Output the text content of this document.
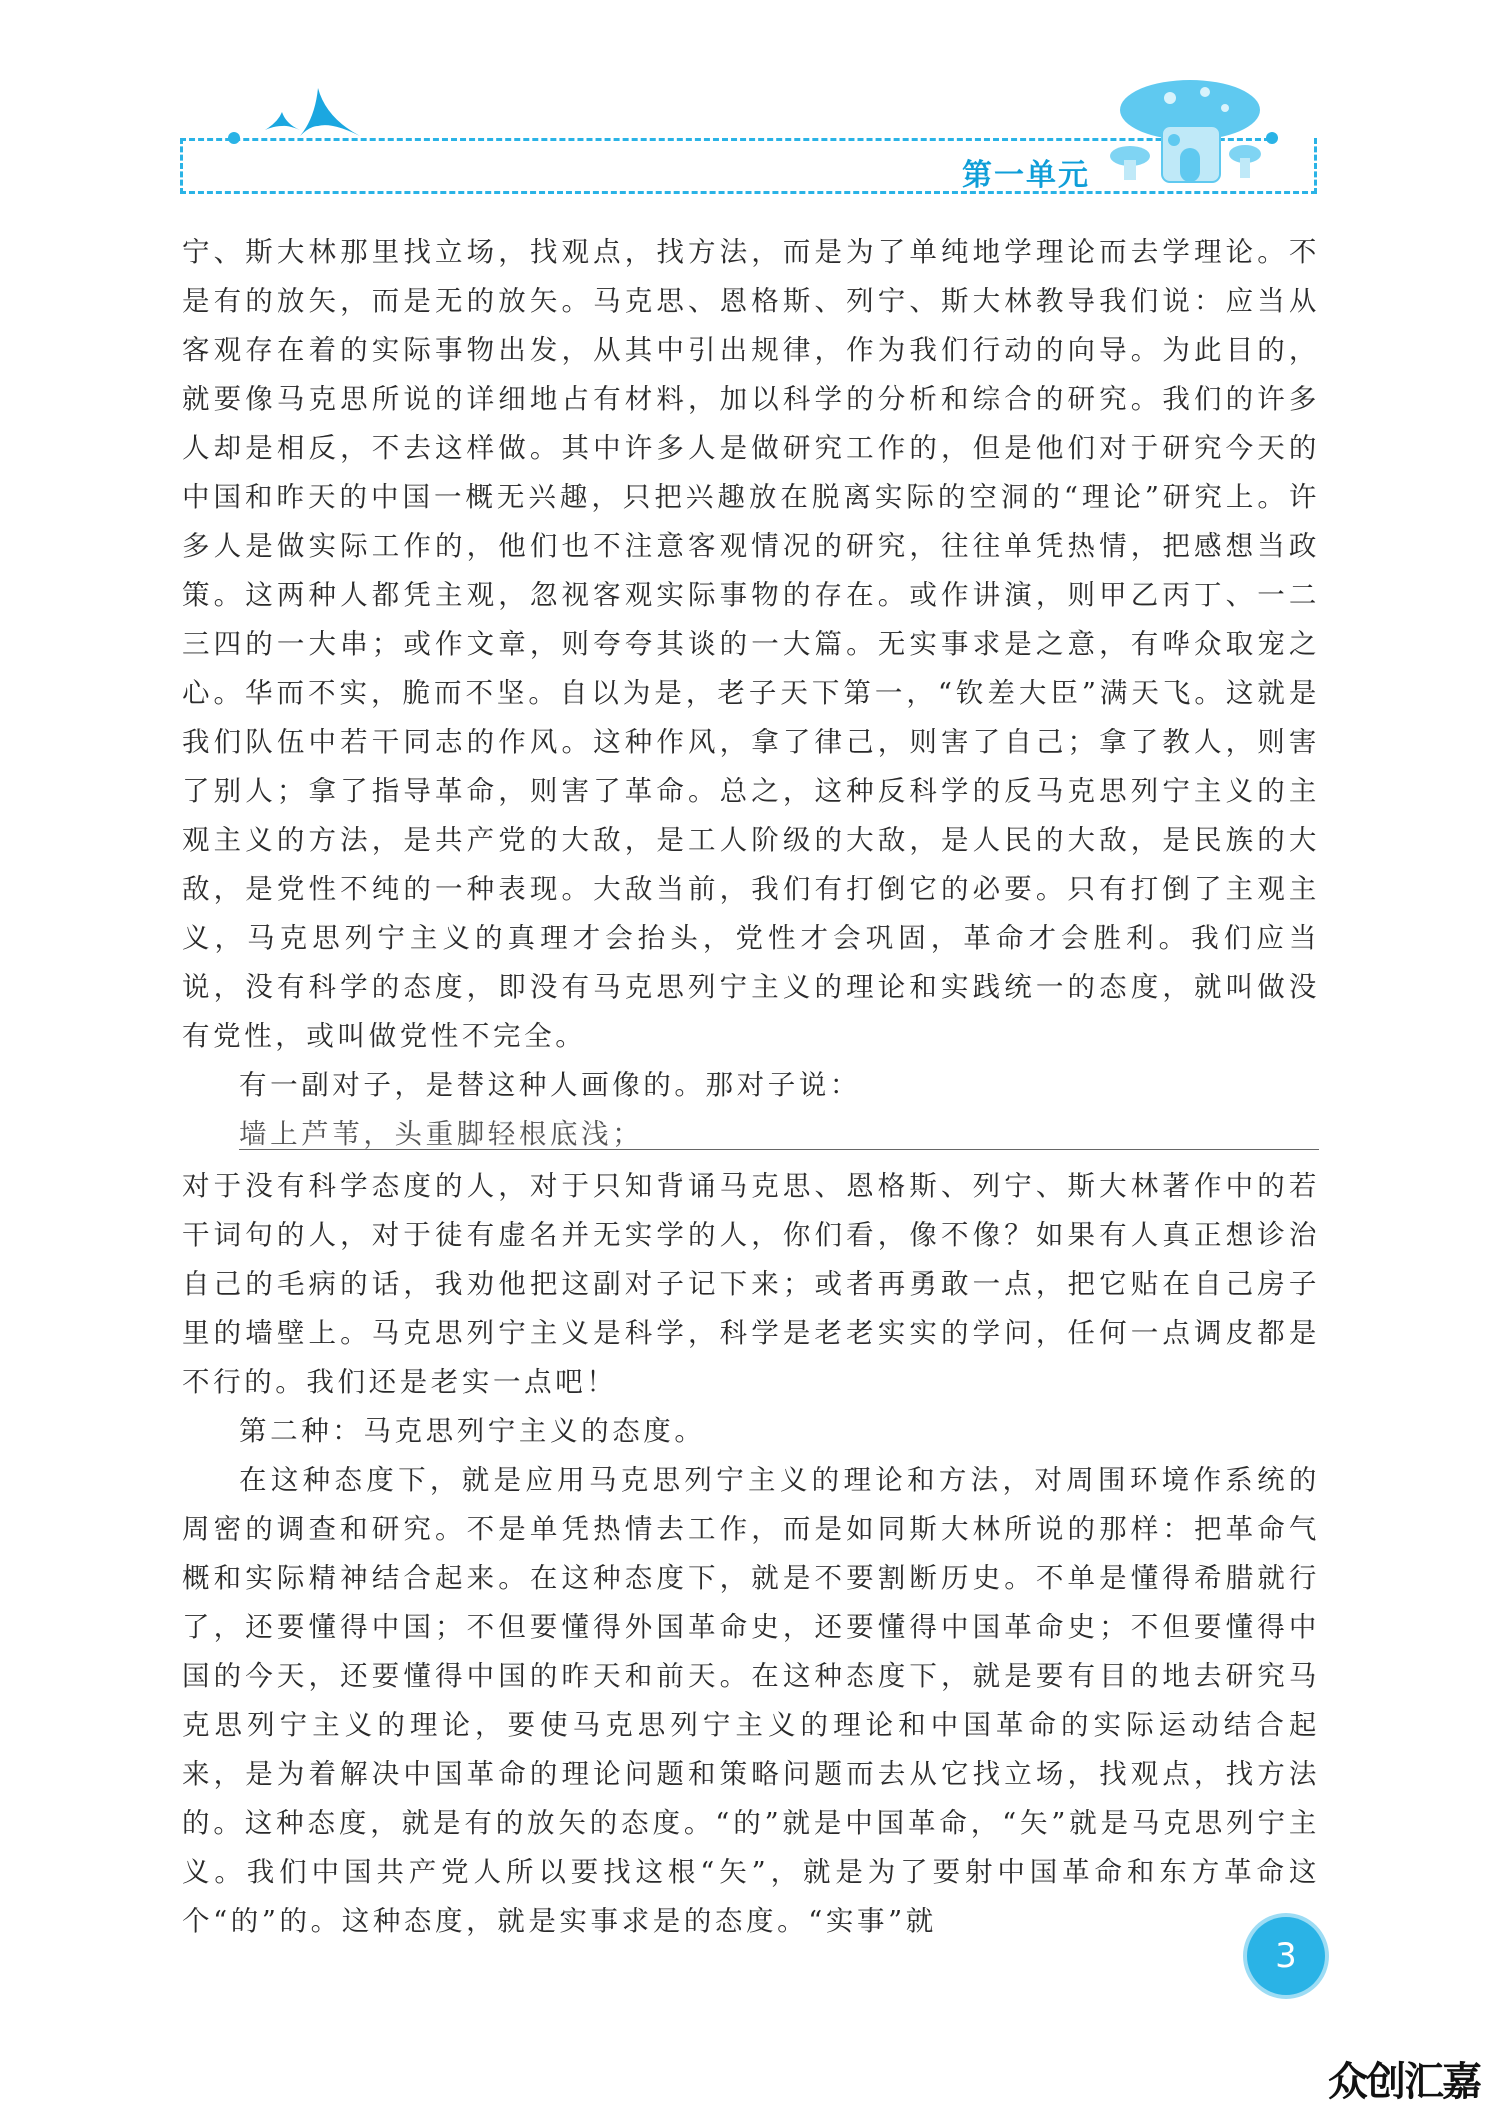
第一单元

宁、斯大林那里找立场，找观点，找方法，而是为了单纯地学理论而去学理论。不是有的放矢，而是无的放矢。马克思、恩格斯、列宁、斯大林教导我们说：应当从客观存在着的实际事物出发，从其中引出规律，作为我们行动的向导。为此目的，就要像马克思所说的详细地占有材料，加以科学的分析和综合的研究。我们的许多人却是相反，不去这样做。其中许多人是做研究工作的，但是他们对于研究今天的中国和昨天的中国一概无兴趣，只把兴趣放在脱离实际的空洞的“理论”研究上。许多人是做实际工作的，他们也不注意客观情况的研究，往往单凭热情，把感想当政策。这两种人都凭主观，忽视客观实际事物的存在。或作讲演，则甲乙丙丁、一二三四的一大串；或作文章，则夸夸其谈的一大篇。无实事求是之意，有哗众取宠之心。华而不实，脆而不坚。自以为是，老子天下第一，“钦差大臣”满天飞。这就是我们队伍中若干同志的作风。这种作风，拿了律己，则害了自己；拿了教人，则害了别人；拿了指导革命，则害了革命。总之，这种反科学的反马克思列宁主义的主观主义的方法，是共产党的大敌，是工人阶级的大敌，是人民的大敌，是民族的大敌，是党性不纯的一种表现。大敌当前，我们有打倒它的必要。只有打倒了主观主义，马克思列宁主义的真理才会抬头，党性才会巩固，革命才会胜利。我们应当说，没有科学的态度，即没有马克思列宁主义的理论和实践统一的态度，就叫做没有党性，或叫做党性不完全。

有一副对子，是替这种人画像的。那对子说：

墙上芦苇，头重脚轻根底浅；

对于没有科学态度的人，对于只知背诵马克思、恩格斯、列宁、斯大林著作中的若干词句的人，对于徒有虚名并无实学的人，你们看，像不像？如果有人真正想诊治自己的毛病的话，我劝他把这副对子记下来；或者再勇敢一点，把它贴在自己房子里的墙壁上。马克思列宁主义是科学，科学是老老实实的学问，任何一点调皮都是不行的。我们还是老实一点吧！

第二种：马克思列宁主义的态度。

在这种态度下，就是应用马克思列宁主义的理论和方法，对周围环境作系统的周密的调查和研究。不是单凭热情去工作，而是如同斯大林所说的那样：把革命气概和实际精神结合起来。在这种态度下，就是不要割断历史。不单是懂得希腊就行了，还要懂得中国；不但要懂得外国革命史，还要懂得中国革命史；不但要懂得中国的今天，还要懂得中国的昨天和前天。在这种态度下，就是要有目的地去研究马克思列宁主义的理论，要使马克思列宁主义的理论和中国革命的实际运动结合起来，是为着解决中国革命的理论问题和策略问题而去从它找立场，找观点，找方法的。这种态度，就是有的放矢的态度。“的”就是中国革命，“矢”就是马克思列宁主义。我们中国共产党人所以要找这根“矢”，就是为了要射中国革命和东方革命这个“的”的。这种态度，就是实事求是的态度。“实事”就

3
众创汇嘉
